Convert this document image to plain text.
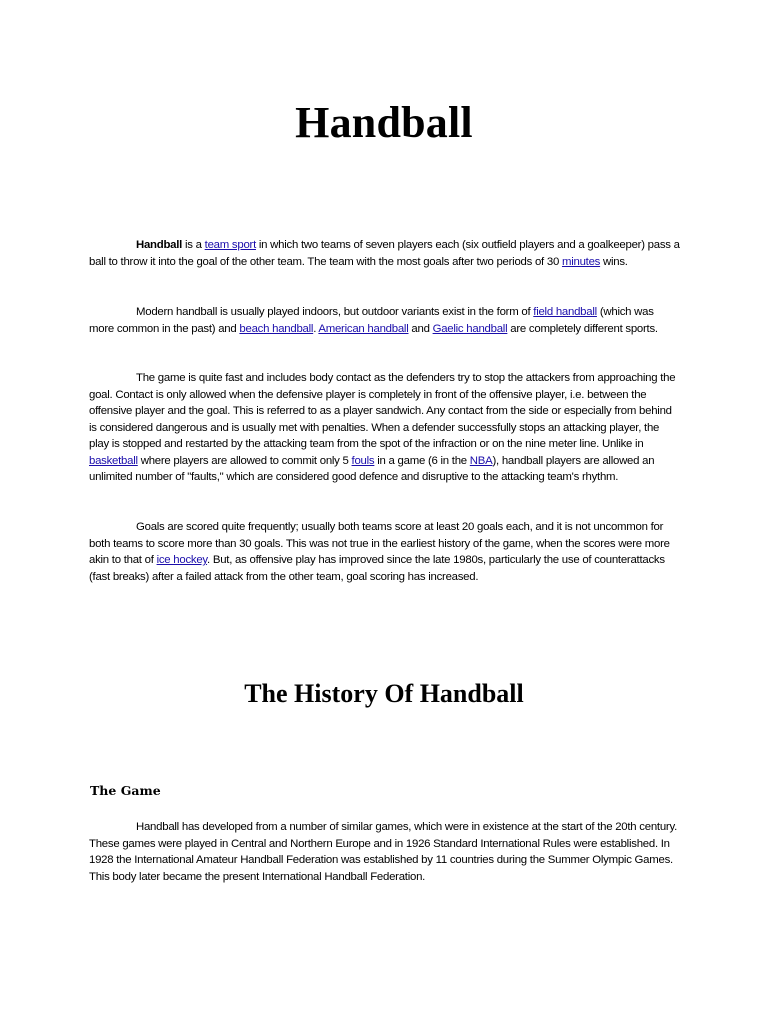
Handball

Handball is a team sport in which two teams of seven players each (six outfield players and a goalkeeper) pass a ball to throw it into the goal of the other team. The team with the most goals after two periods of 30 minutes wins.

Modern handball is usually played indoors, but outdoor variants exist in the form of field handball (which was more common in the past) and beach handball. American handball and Gaelic handball are completely different sports.

The game is quite fast and includes body contact as the defenders try to stop the attackers from approaching the goal. Contact is only allowed when the defensive player is completely in front of the offensive player, i.e. between the offensive player and the goal. This is referred to as a player sandwich. Any contact from the side or especially from behind is considered dangerous and is usually met with penalties. When a defender successfully stops an attacking player, the play is stopped and restarted by the attacking team from the spot of the infraction or on the nine meter line. Unlike in basketball where players are allowed to commit only 5 fouls in a game (6 in the NBA), handball players are allowed an unlimited number of "faults," which are considered good defence and disruptive to the attacking team's rhythm.

Goals are scored quite frequently; usually both teams score at least 20 goals each, and it is not uncommon for both teams to score more than 30 goals. This was not true in the earliest history of the game, when the scores were more akin to that of ice hockey. But, as offensive play has improved since the late 1980s, particularly the use of counterattacks (fast breaks) after a failed attack from the other team, goal scoring has increased.

The History Of Handball
The Game

Handball has developed from a number of similar games, which were in existence at the start of the 20th century. These games were played in Central and Northern Europe and in 1926 Standard International Rules were established. In 1928 the International Amateur Handball Federation was established by 11 countries during the Summer Olympic Games. This body later became the present International Handball Federation.
